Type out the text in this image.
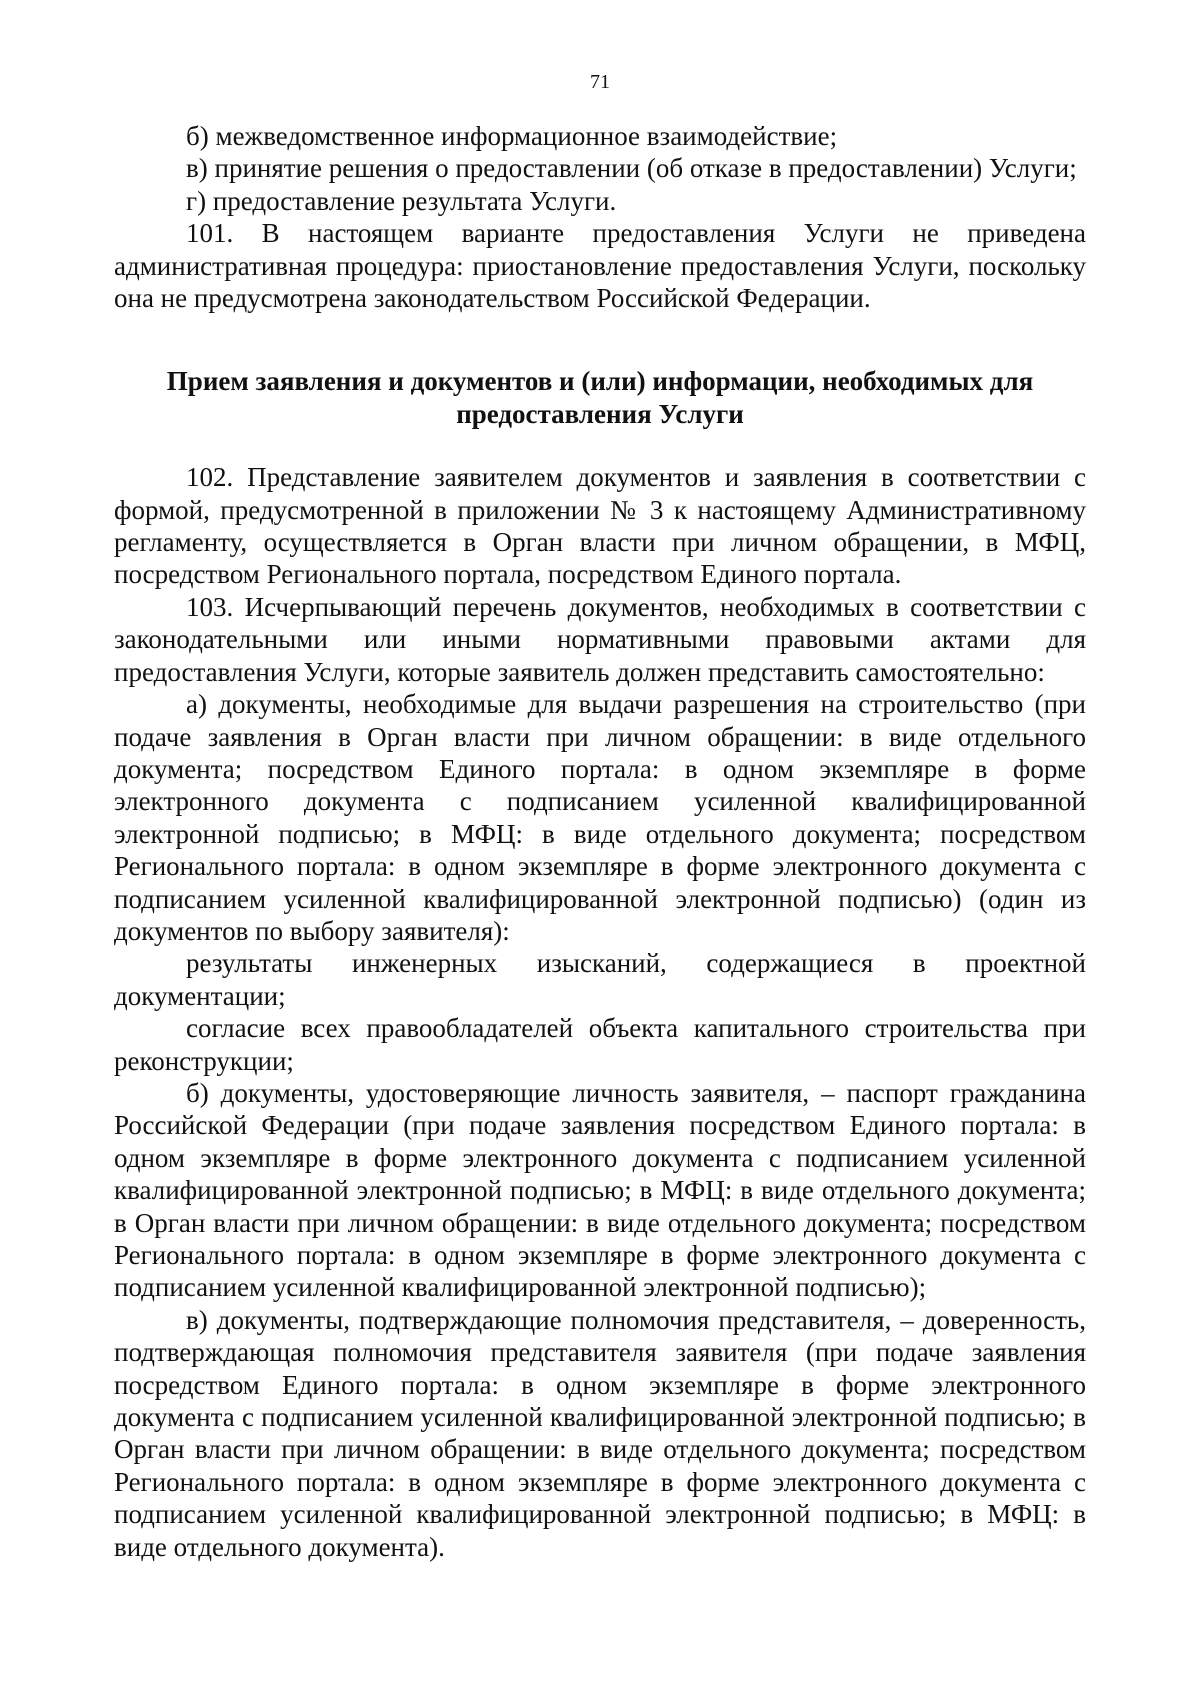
71

б) межведомственное информационное взаимодействие;

в) принятие решения о предоставлении (об отказе в предоставлении) Услуги;

г) предоставление результата Услуги.

101. В настоящем варианте предоставления Услуги не приведена административная процедура: приостановление предоставления Услуги, поскольку она не предусмотрена законодательством Российской Федерации.

Прием заявления и документов и (или) информации, необходимых для предоставления Услуги

102. Представление заявителем документов и заявления в соответствии с формой, предусмотренной в приложении № 3 к настоящему Административному регламенту, осуществляется в Орган власти при личном обращении, в МФЦ, посредством Регионального портала, посредством Единого портала.

103. Исчерпывающий перечень документов, необходимых в соответствии с законодательными или иными нормативными правовыми актами для предоставления Услуги, которые заявитель должен представить самостоятельно:

а) документы, необходимые для выдачи разрешения на строительство (при подаче заявления в Орган власти при личном обращении: в виде отдельного документа; посредством Единого портала: в одном экземпляре в форме электронного документа с подписанием усиленной квалифицированной электронной подписью; в МФЦ: в виде отдельного документа; посредством Регионального портала: в одном экземпляре в форме электронного документа с подписанием усиленной квалифицированной электронной подписью) (один из документов по выбору заявителя):

результаты инженерных изысканий, содержащиеся в проектной документации;

согласие всех правообладателей объекта капитального строительства при реконструкции;

б) документы, удостоверяющие личность заявителя, – паспорт гражданина Российской Федерации (при подаче заявления посредством Единого портала: в одном экземпляре в форме электронного документа с подписанием усиленной квалифицированной электронной подписью; в МФЦ: в виде отдельного документа; в Орган власти при личном обращении: в виде отдельного документа; посредством Регионального портала: в одном экземпляре в форме электронного документа с подписанием усиленной квалифицированной электронной подписью);

в) документы, подтверждающие полномочия представителя, – доверенность, подтверждающая полномочия представителя заявителя (при подаче заявления посредством Единого портала: в одном экземпляре в форме электронного документа с подписанием усиленной квалифицированной электронной подписью; в Орган власти при личном обращении: в виде отдельного документа; посредством Регионального портала: в одном экземпляре в форме электронного документа с подписанием усиленной квалифицированной электронной подписью; в МФЦ: в виде отдельного документа).
